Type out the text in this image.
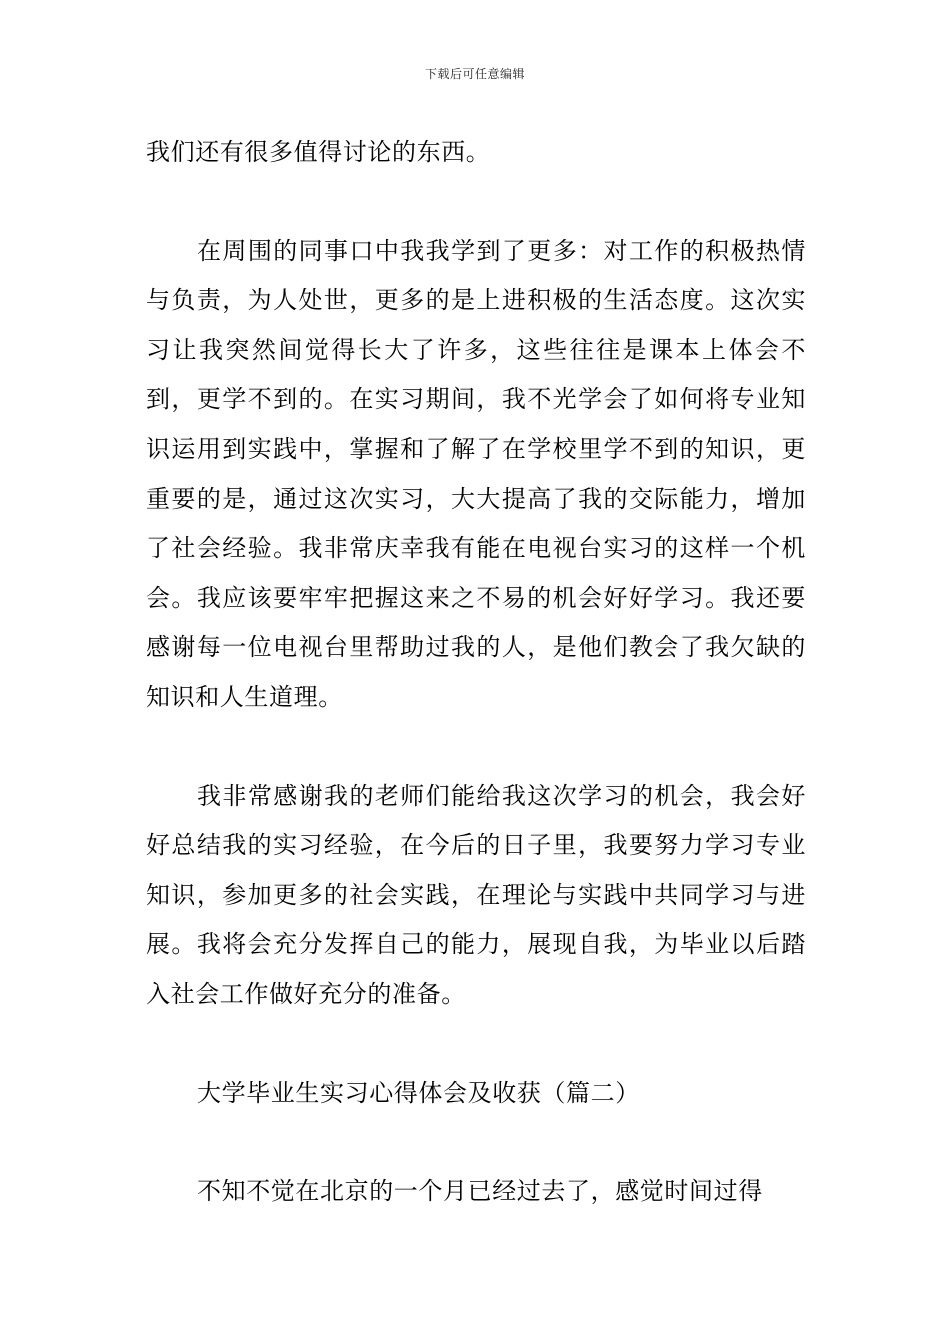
下载后可任意编辑

我们还有很多值得讨论的东西。

在周围的同事口中我我学到了更多：对工作的积极热情与负责，为人处世，更多的是上进积极的生活态度。这次实习让我突然间觉得长大了许多，这些往往是课本上体会不到，更学不到的。在实习期间，我不光学会了如何将专业知识运用到实践中，掌握和了解了在学校里学不到的知识，更重要的是，通过这次实习，大大提高了我的交际能力，增加了社会经验。我非常庆幸我有能在电视台实习的这样一个机会。我应该要牢牢把握这来之不易的机会好好学习。我还要感谢每一位电视台里帮助过我的人，是他们教会了我欠缺的知识和人生道理。

我非常感谢我的老师们能给我这次学习的机会，我会好好总结我的实习经验，在今后的日子里，我要努力学习专业知识，参加更多的社会实践，在理论与实践中共同学习与进展。我将会充分发挥自己的能力，展现自我，为毕业以后踏入社会工作做好充分的准备。

大学毕业生实习心得体会及收获（篇二）

不知不觉在北京的一个月已经过去了，感觉时间过得
